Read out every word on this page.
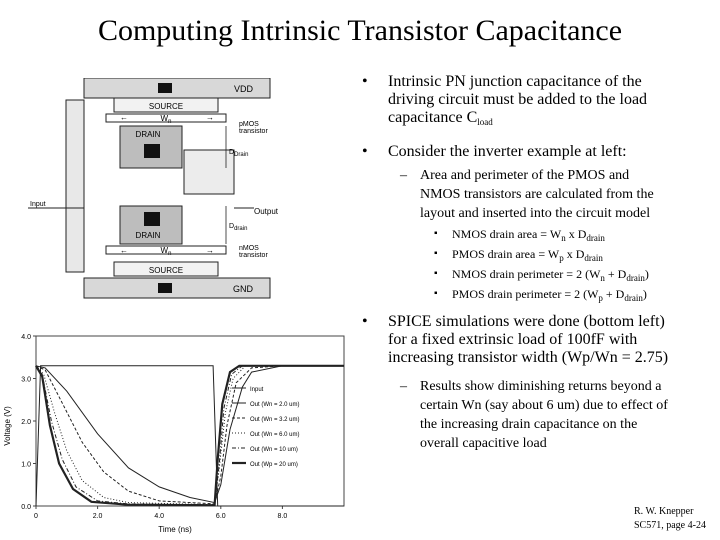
Computing Intrinsic Transistor Capacitance
VDD
SOURCE
←	$W_n$	→
pMOS
transistor
DRAIN
DDrain
Input
Output
DRAIN
Ddrain
←	$W_n$	→	nMOS
transistor
SOURCE
GND
0	2.0	4.0	6.0	8.0
0.0
1.0
2.0
3.0
4.0
Input
Out (Wn = 2.0 um)
Out (Wn = 3.2 um)
Out (Wn = 6.0 um)
Out (Wn = 10 um)
Out (Wp = 20 um)
Voltage (V)
Time (ns)
• Intrinsic PN junction capacitance of the
driving circuit must be added to the load
capacitance $C_{load}$
• Consider the inverter example at left:
– Area and perimeter of the PMOS and
NMOS transistors are calculated from the
layout and inserted into the circuit model
▪ NMOS drain area = $W_n$ x $D_{drain}$
▪ PMOS drain area = $W_p$ x $D_{drain}$
▪ NMOS drain perimeter = 2 $(W_n + D_{drain})$
▪ PMOS drain perimeter = 2 $(W_p + D_{drain})$
• SPICE simulations were done (bottom left)
for a fixed extrinsic load of 100fF with
increasing transistor width (Wp/Wn = 2.75)
– Results show diminishing returns beyond a
certain Wn (say about 6 um) due to effect of
the increasing drain capacitance on the
overall capacitive load
R. W. Knepper
SC571, page 4-24
